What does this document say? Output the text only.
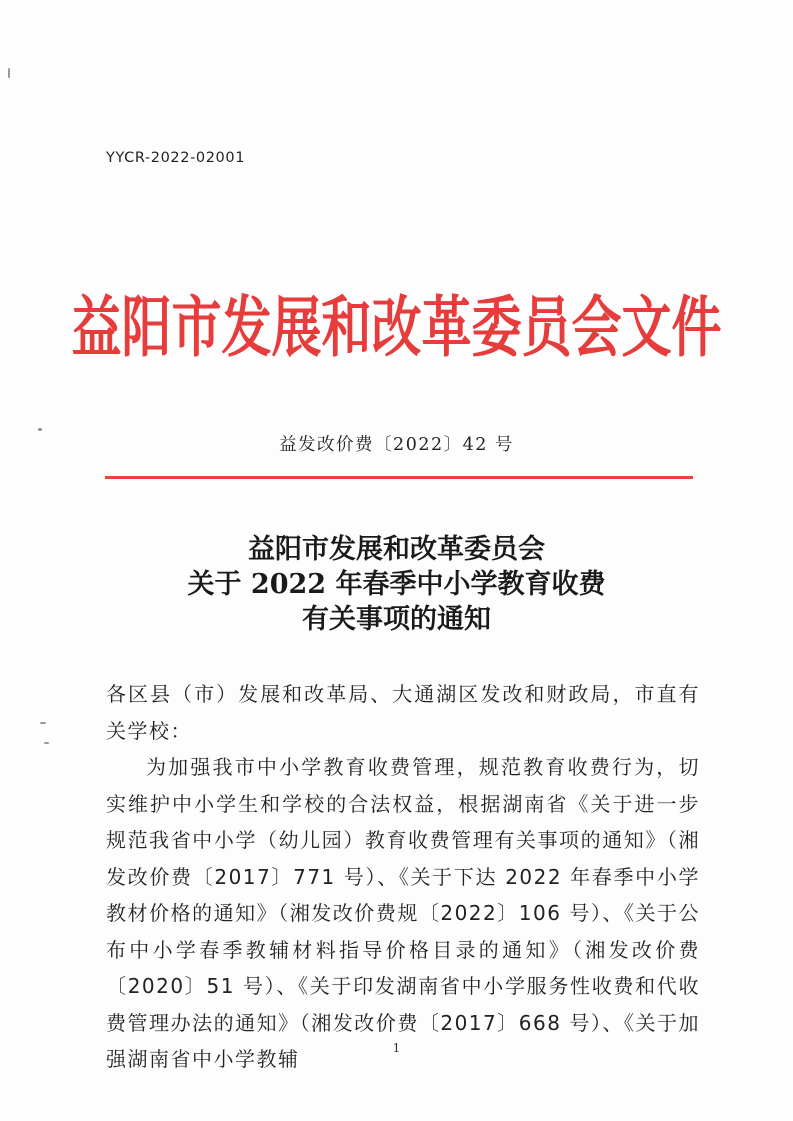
YYCR-2022-02001
益阳市发展和改革委员会文件
益发改价费〔2022〕42 号
益阳市发展和改革委员会
关于 2022 年春季中小学教育收费
有关事项的通知

各区县（市）发展和改革局、大通湖区发改和财政局，市直有关学校：

为加强我市中小学教育收费管理，规范教育收费行为，切实维护中小学生和学校的合法权益，根据湖南省《关于进一步规范我省中小学（幼儿园）教育收费管理有关事项的通知》（湘发改价费〔2017〕771 号）、《关于下达 2022 年春季中小学教材价格的通知》（湘发改价费规〔2022〕106 号）、《关于公布中小学春季教辅材料指导价格目录的通知》（湘发改价费〔2020〕51 号）、《关于印发湖南省中小学服务性收费和代收费管理办法的通知》（湘发改价费〔2017〕668 号）、《关于加强湖南省中小学教辅	1
